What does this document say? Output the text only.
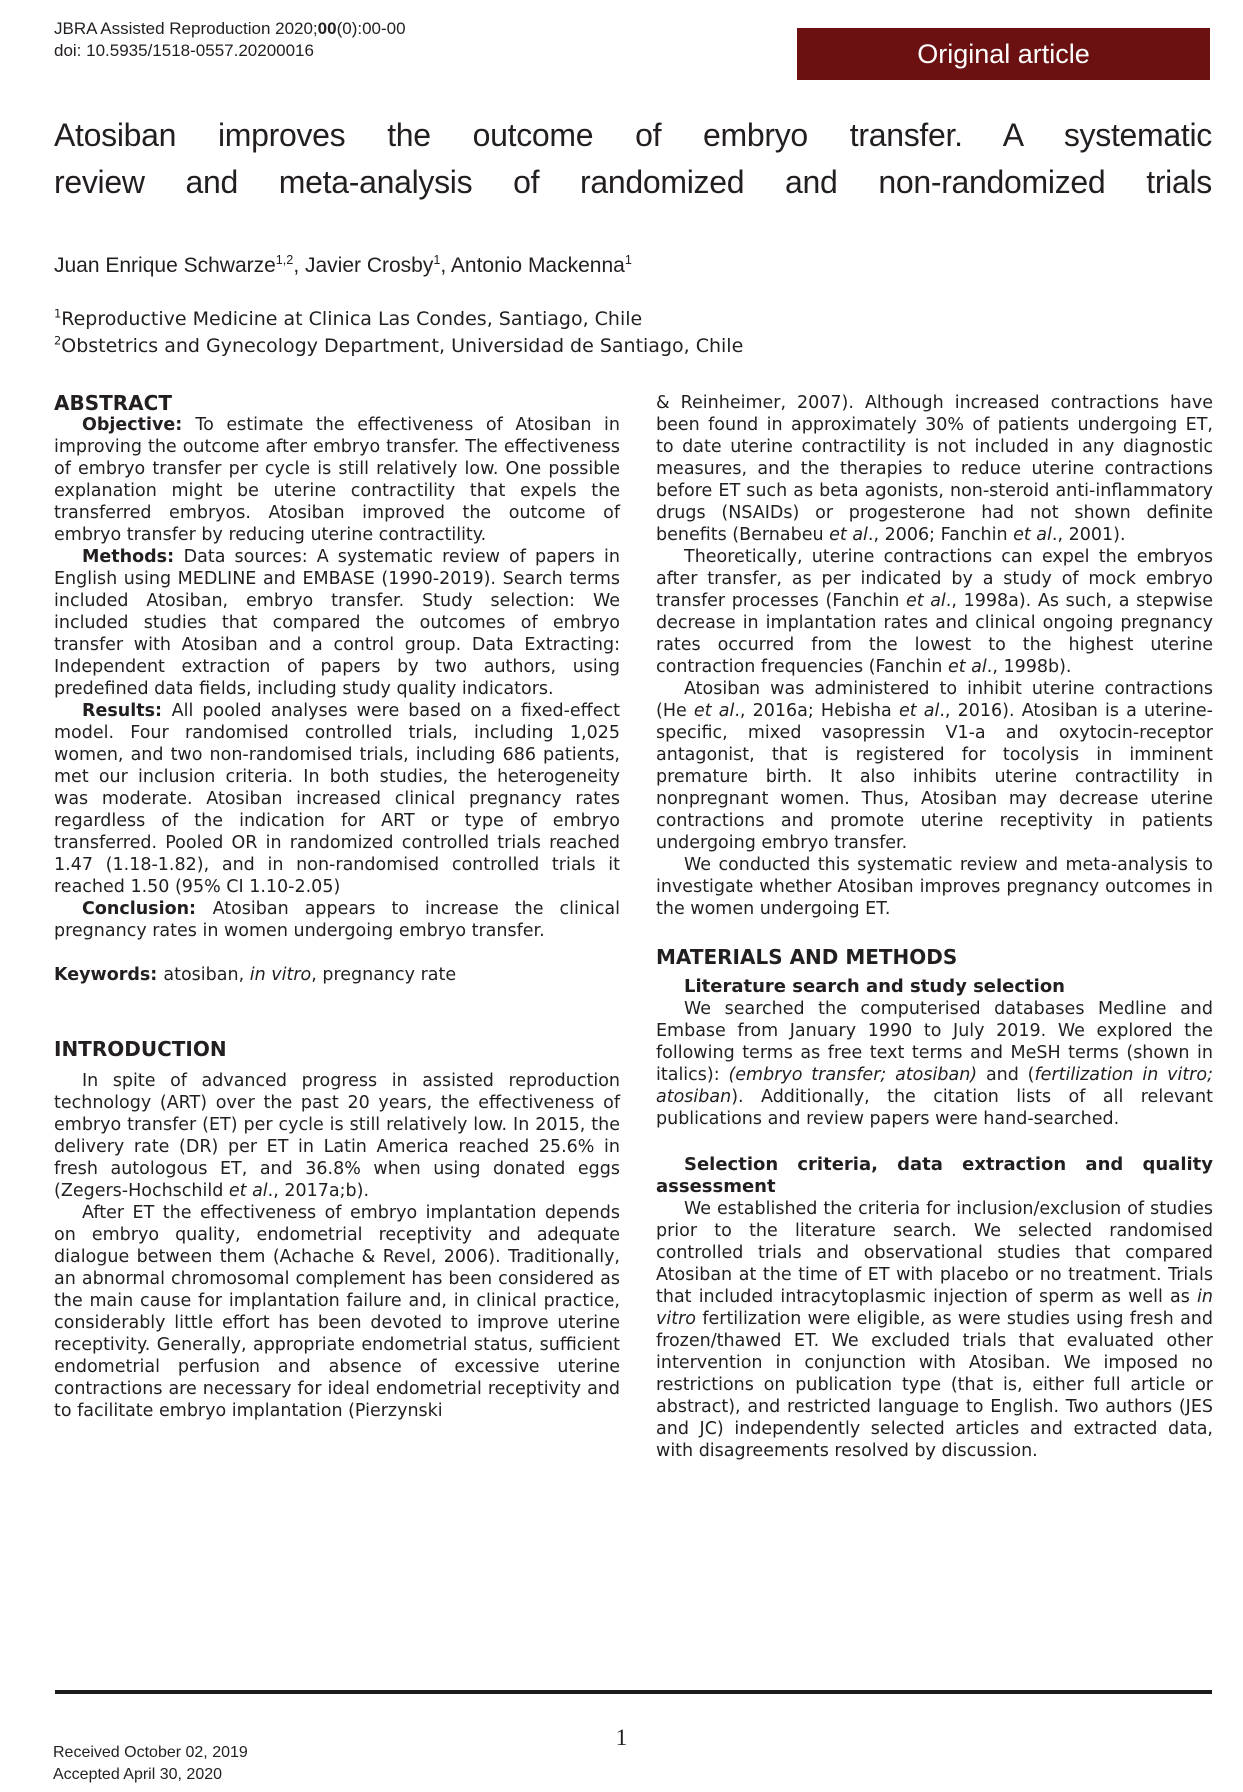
JBRA Assisted Reproduction 2020;00(0):00-00
doi: 10.5935/1518-0557.20200016	Original article
Atosiban improves the outcome of embryo transfer. A systematic
review and meta-analysis of randomized and non-randomized trials
Juan Enrique Schwarze$^{1,2}$, Javier Crosby$^1$, Antonio Mackenna$^1$
$^1$Reproductive Medicine at Clinica Las Condes, Santiago, Chile
$^2$Obstetrics and Gynecology Department, Universidad de Santiago, Chile
ABSTRACT

Objective: To estimate the effectiveness of Atosiban in improving the outcome after embryo transfer. The effectiveness of embryo transfer per cycle is still relatively low. One possible explanation might be uterine contractility that expels the transferred embryos. Atosiban improved the outcome of embryo transfer by reducing uterine contractility.

Methods: Data sources: A systematic review of papers in English using MEDLINE and EMBASE (1990-2019). Search terms included Atosiban, embryo transfer. Study selection: We included studies that compared the outcomes of embryo transfer with Atosiban and a control group. Data Extracting: Independent extraction of papers by two authors, using predefined data fields, including study quality indicators.

Results: All pooled analyses were based on a fixed-effect model. Four randomised controlled trials, including 1,025 women, and two non-randomised trials, including 686 patients, met our inclusion criteria. In both studies, the heterogeneity was moderate. Atosiban increased clinical pregnancy rates regardless of the indication for ART or type of embryo transferred. Pooled OR in randomized controlled trials reached 1.47 (1.18-1.82), and in non-randomised controlled trials it reached 1.50 (95% CI 1.10-2.05)

Conclusion: Atosiban appears to increase the clinical pregnancy rates in women undergoing embryo transfer.

Keywords: atosiban, in vitro, pregnancy rate

INTRODUCTION

In spite of advanced progress in assisted reproduction technology (ART) over the past 20 years, the effectiveness of embryo transfer (ET) per cycle is still relatively low. In 2015, the delivery rate (DR) per ET in Latin America reached 25.6% in fresh autologous ET, and 36.8% when using donated eggs (Zegers-Hochschild et al., 2017a;b).

After ET the effectiveness of embryo implantation depends on embryo quality, endometrial receptivity and adequate dialogue between them (Achache & Revel, 2006). Traditionally, an abnormal chromosomal complement has been considered as the main cause for implantation failure and, in clinical practice, considerably little effort has been devoted to improve uterine receptivity. Generally, appropriate endometrial status, sufficient endometrial perfusion and absence of excessive uterine contractions are necessary for ideal endometrial receptivity and to facilitate embryo implantation (Pierzynski

& Reinheimer, 2007). Although increased contractions have been found in approximately 30% of patients undergoing ET, to date uterine contractility is not included in any diagnostic measures, and the therapies to reduce uterine contractions before ET such as beta agonists, non-steroid anti-inflammatory drugs (NSAIDs) or progesterone had not shown definite benefits (Bernabeu et al., 2006; Fanchin et al., 2001).

Theoretically, uterine contractions can expel the embryos after transfer, as per indicated by a study of mock embryo transfer processes (Fanchin et al., 1998a). As such, a stepwise decrease in implantation rates and clinical ongoing pregnancy rates occurred from the lowest to the highest uterine contraction frequencies (Fanchin et al., 1998b).

Atosiban was administered to inhibit uterine contractions (He et al., 2016a; Hebisha et al., 2016). Atosiban is a uterine-specific, mixed vasopressin V1-a and oxytocin-receptor antagonist, that is registered for tocolysis in imminent premature birth. It also inhibits uterine contractility in nonpregnant women. Thus, Atosiban may decrease uterine contractions and promote uterine receptivity in patients undergoing embryo transfer.

We conducted this systematic review and meta-analysis to investigate whether Atosiban improves pregnancy outcomes in the women undergoing ET.

MATERIALS AND METHODS
Literature search and study selection

We searched the computerised databases Medline and Embase from January 1990 to July 2019. We explored the following terms as free text terms and MeSH terms (shown in italics): (embryo transfer; atosiban) and (fertilization in vitro; atosiban). Additionally, the citation lists of all relevant publications and review papers were hand-searched.

Selection criteria, data extraction and quality assessment

We established the criteria for inclusion/exclusion of studies prior to the literature search. We selected randomised controlled trials and observational studies that compared Atosiban at the time of ET with placebo or no treatment. Trials that included intracytoplasmic injection of sperm as well as in vitro fertilization were eligible, as were studies using fresh and frozen/thawed ET. We excluded trials that evaluated other intervention in conjunction with Atosiban. We imposed no restrictions on publication type (that is, either full article or abstract), and restricted language to English. Two authors (JES and JC) independently selected articles and extracted data, with disagreements resolved by discussion.

Received October 02, 2019
Accepted April 30, 2020
1
